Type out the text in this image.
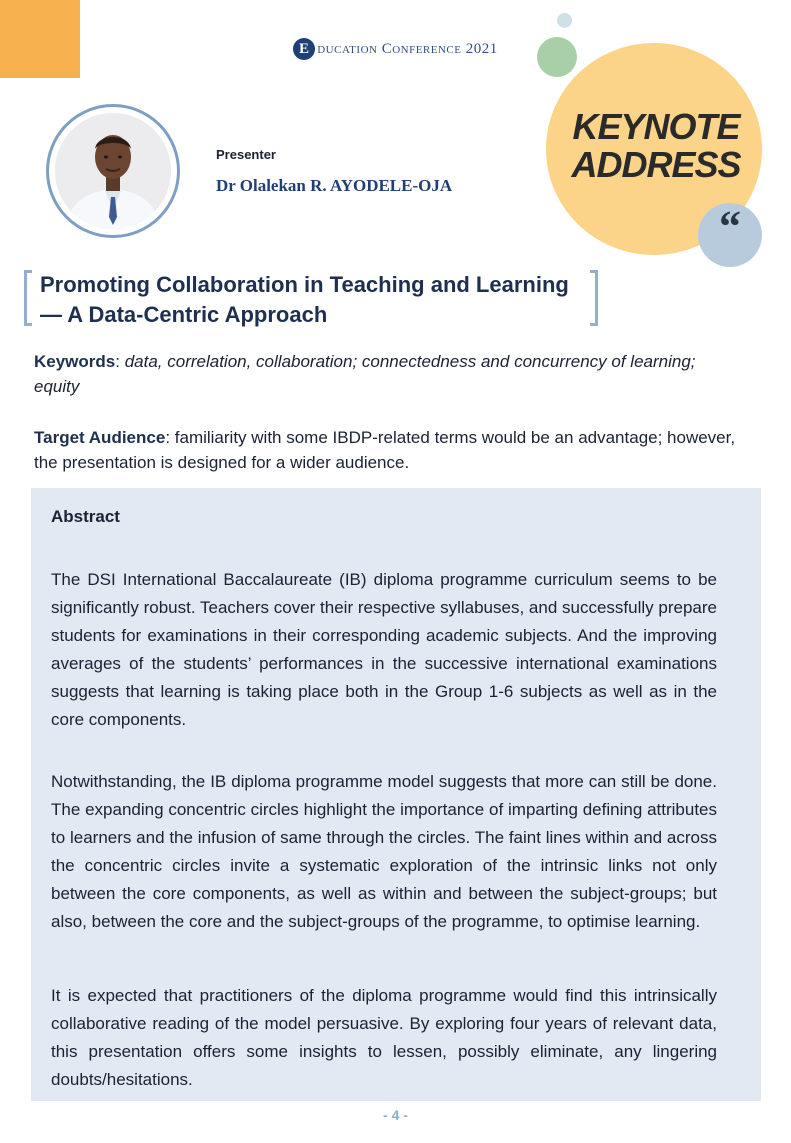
E ducation Conference 2021
KEYNOTE
ADDRESS
“
Presenter
Dr Olalekan R. AYODELE-OJA
Promoting Collaboration in Teaching and Learning
— A Data-Centric Approach
Keywords: data, correlation, collaboration; connectedness and concurrency of learning; equity
Target Audience: familiarity with some IBDP-related terms would be an advantage; however, the presentation is designed for a wider audience.
Abstract
The DSI International Baccalaureate (IB) diploma programme curriculum seems to be significantly robust. Teachers cover their respective syllabuses, and successfully prepare students for examinations in their corresponding academic subjects. And the improving averages of the students’ performances in the successive international examinations suggests that learning is taking place both in the Group 1-6 subjects as well as in the core components.
Notwithstanding, the IB diploma programme model suggests that more can still be done. The expanding concentric circles highlight the importance of imparting defining attributes to learners and the infusion of same through the circles. The faint lines within and across the concentric circles invite a systematic exploration of the intrinsic links not only between the core components, as well as within and between the subject-groups; but also, between the core and the subject-groups of the programme, to optimise learning.
It is expected that practitioners of the diploma programme would find this intrinsically collaborative reading of the model persuasive. By exploring four years of relevant data, this presentation offers some insights to lessen, possibly eliminate, any lingering doubts/hesitations.
- 4 -
